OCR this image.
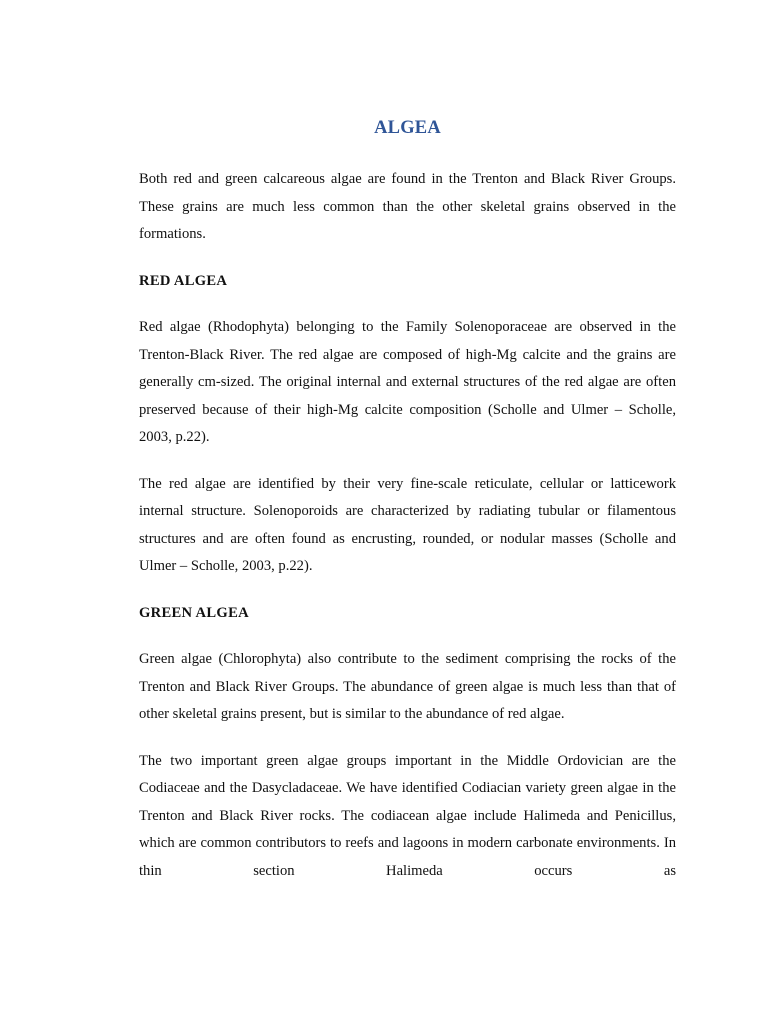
ALGEA

Both red and green calcareous algae are found in the Trenton and Black River Groups. These grains are much less common than the other skeletal grains observed in the formations.

RED ALGEA

Red algae (Rhodophyta) belonging to the Family Solenoporaceae are observed in the Trenton-Black River. The red algae are composed of high-Mg calcite and the grains are generally cm-sized. The original internal and external structures of the red algae are often preserved because of their high-Mg calcite composition (Scholle and Ulmer – Scholle, 2003, p.22).

The red algae are identified by their very fine-scale reticulate, cellular or latticework internal structure. Solenoporoids are characterized by radiating tubular or filamentous structures and are often found as encrusting, rounded, or nodular masses (Scholle and Ulmer – Scholle, 2003, p.22).

GREEN ALGEA

Green algae (Chlorophyta) also contribute to the sediment comprising the rocks of the Trenton and Black River Groups. The abundance of green algae is much less than that of other skeletal grains present, but is similar to the abundance of red algae.

The two important green algae groups important in the Middle Ordovician are the Codiaceae and the Dasycladaceae. We have identified Codiacian variety green algae in the Trenton and Black River rocks. The codiacean algae include Halimeda and Penicillus, which are common contributors to reefs and lagoons in modern carbonate environments. In thin section Halimeda occurs as
